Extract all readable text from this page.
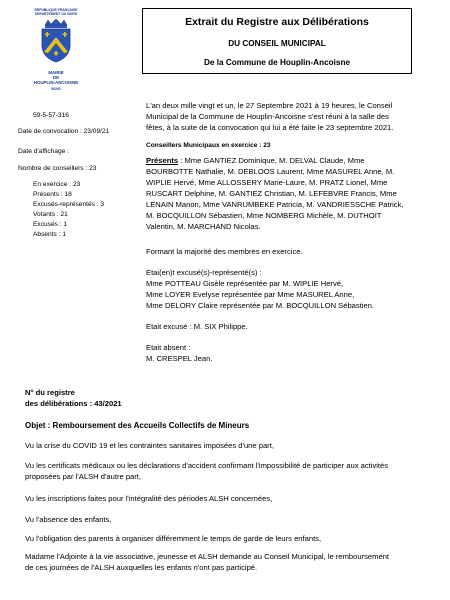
REPUBLIQUE FRANÇAISE
DEPARTEMENT DU NORD
MAIRIE
DE
HOUPLIN-ANCOISNE
59263
Extrait du Registre aux Délibérations
DU CONSEIL MUNICIPAL
De la Commune de Houplin-Ancoisne
59-5-57-316
Date de convocation : 23/09/21
Date d'affichage :
Nombre de conseillers : 23
En exercice : 23
Présents : 18
Excusés-représentés : 3
Votants : 21
Excusés : 1
Absents : 1
L'an deux mille vingt et un, le 27 Septembre 2021 à 19 heures, le Conseil
Municipal de la Commune de Houplin-Ancoisne s'est réuni à la salle des
fêtes, à la suite de la convocation qui lui a été faite le 23 septembre 2021.
Conseillers Municipaux en exercice : 23
Présents : Mme GANTIEZ Dominique, M. DELVAL Claude, Mme
BOURBOTTE Nathalie, M. DEBLOOS Laurent, Mme MASUREL Anne, M.
WIPLIE Hervé, Mme ALLOSSERY Marie-Laure, M. PRATZ Lionel, Mme
RUSCART Delphine, M. GANTIEZ Christian, M. LEFEBVRE Francis, Mme
LENAIN Manon, Mme VANRUMBEKE Patricia, M. VANDRIESSCHE Patrick,
M. BOCQUILLON Sébastien, Mme NOMBERG Michèle, M. DUTHOIT
Valentin, M. MARCHAND Nicolas.
Formant la majorité des membres en exercice.
Etai(en)t excusé(s)-représenté(s) :
Mme POTTEAU Gisèle représentée par M. WIPLIE Hervé,
Mme LOYER Evelyse représentée par Mme MASUREL Anne,
Mme DELORY Claire représentée par M. BOCQUILLON Sébastien.
Etait excusé : M. SIX Philippe.
Etait absent :
M. CRESPEL Jean.
N° du registre
des délibérations : 43/2021
Objet : Remboursement des Accueils Collectifs de Mineurs
Vu la crise du COVID 19 et les contraintes sanitaires imposées d'une part,
Vu les certificats médicaux ou les déclarations d'accident confirmant l'impossibilité de participer aux activités
proposées par l'ALSH d'autre part,
Vu les inscriptions faites pour l'intégralité des périodes ALSH concernées,
Vu l'absence des enfants,
Vu l'obligation des parents à organiser différemment le temps de garde de leurs enfants,
Madame l'Adjointe à la vie associative, jeunesse et ALSH demande au Conseil Municipal, le remboursement
de ces journées de l'ALSH auxquelles les enfants n'ont pas participé.
